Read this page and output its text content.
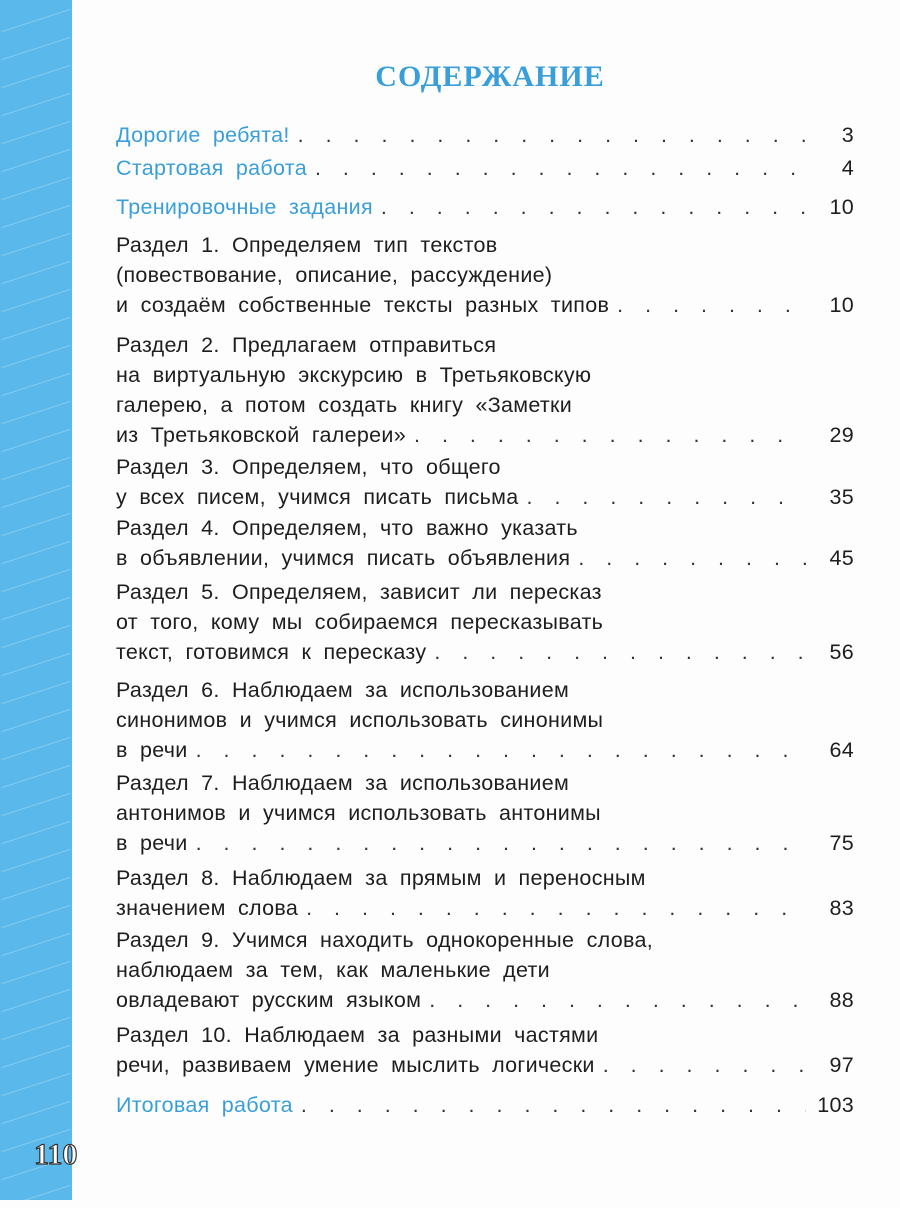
СОДЕРЖАНИЕ
Дорогие ребята! . . .	3
Стартовая работа . . .	4
Тренировочные задания . . .	10
Раздел 1. Определяем тип текстов
(повествование, описание, рассуждение)
и создаём собственные тексты разных типов . . .	10
Раздел 2. Предлагаем отправиться
на виртуальную экскурсию в Третьяковскую
галерею, а потом создать книгу «Заметки
из Третьяковской галереи» . . .	29
Раздел 3. Определяем, что общего
у всех писем, учимся писать письма . . .	35
Раздел 4. Определяем, что важно указать
в объявлении, учимся писать объявления . . .	45
Раздел 5. Определяем, зависит ли пересказ
от того, кому мы собираемся пересказывать
текст, готовимся к пересказу . . .	56
Раздел 6. Наблюдаем за использованием
синонимов и учимся использовать синонимы
в речи . . .	64
Раздел 7. Наблюдаем за использованием
антонимов и учимся использовать антонимы
в речи . . .	75
Раздел 8. Наблюдаем за прямым и переносным
значением слова . . .	83
Раздел 9. Учимся находить однокоренные слова,
наблюдаем за тем, как маленькие дети
овладевают русским языком . . .	88
Раздел 10. Наблюдаем за разными частями
речи, развиваем умение мыслить логически . . .	97
Итоговая работа . . .	103
110
